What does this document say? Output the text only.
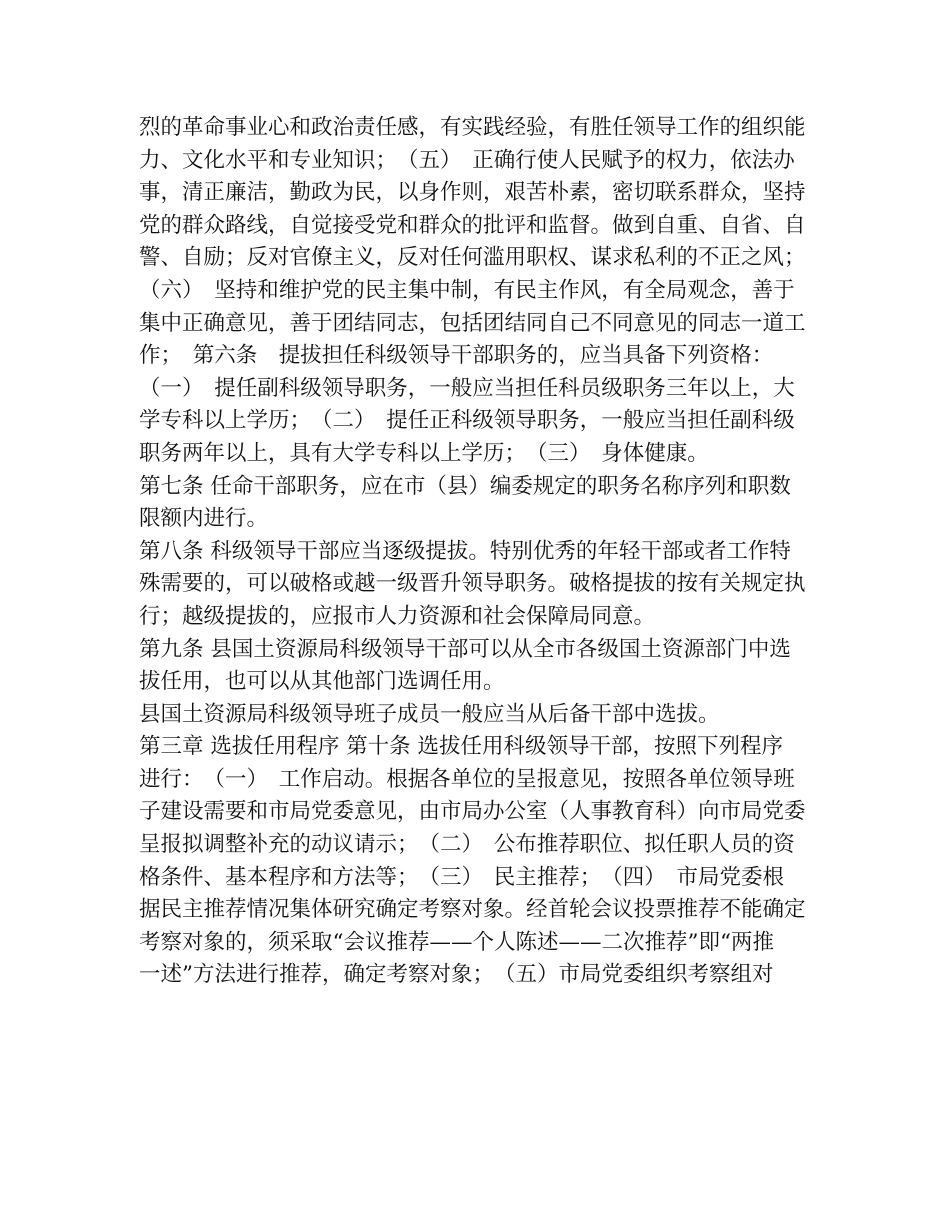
烈的革命事业心和政治责任感，有实践经验，有胜任领导工作的组织能
力、文化水平和专业知识；　（五）　正确行使人民赋予的权力，依法办
事，清正廉洁，勤政为民，以身作则，艰苦朴素，密切联系群众，坚持
党的群众路线，自觉接受党和群众的批评和监督。做到自重、自省、自
警、自励；反对官僚主义，反对任何滥用职权、谋求私利的不正之风；
（六）　坚持和维护党的民主集中制，有民主作风，有全局观念，善于
集中正确意见，善于团结同志，包括团结同自己不同意见的同志一道工
作；　第六条　提拔担任科级领导干部职务的，应当具备下列资格：
（一）　提任副科级领导职务，一般应当担任科员级职务三年以上，大
学专科以上学历；　（二）　提任正科级领导职务，一般应当担任副科级
职务两年以上，具有大学专科以上学历；　（三）　身体健康。
第七条 任命干部职务，应在市（县）编委规定的职务名称序列和职数
限额内进行。
第八条 科级领导干部应当逐级提拔。特别优秀的年轻干部或者工作特
殊需要的，可以破格或越一级晋升领导职务。破格提拔的按有关规定执
行；越级提拔的，应报市人力资源和社会保障局同意。
第九条 县国土资源局科级领导干部可以从全市各级国土资源部门中选
拔任用，也可以从其他部门选调任用。
县国土资源局科级领导班子成员一般应当从后备干部中选拔。
第三章 选拔任用程序 第十条 选拔任用科级领导干部，按照下列程序
进行：　（一）　工作启动。根据各单位的呈报意见，按照各单位领导班
子建设需要和市局党委意见，由市局办公室（人事教育科）向市局党委
呈报拟调整补充的动议请示；　（二）　公布推荐职位、拟任职人员的资
格条件、基本程序和方法等；　（三）　民主推荐；　（四）　市局党委根
据民主推荐情况集体研究确定考察对象。经首轮会议投票推荐不能确定
考察对象的，须采取“会议推荐——个人陈述——二次推荐”即“两推
一述”方法进行推荐，确定考察对象；　（五）市局党委组织考察组对
